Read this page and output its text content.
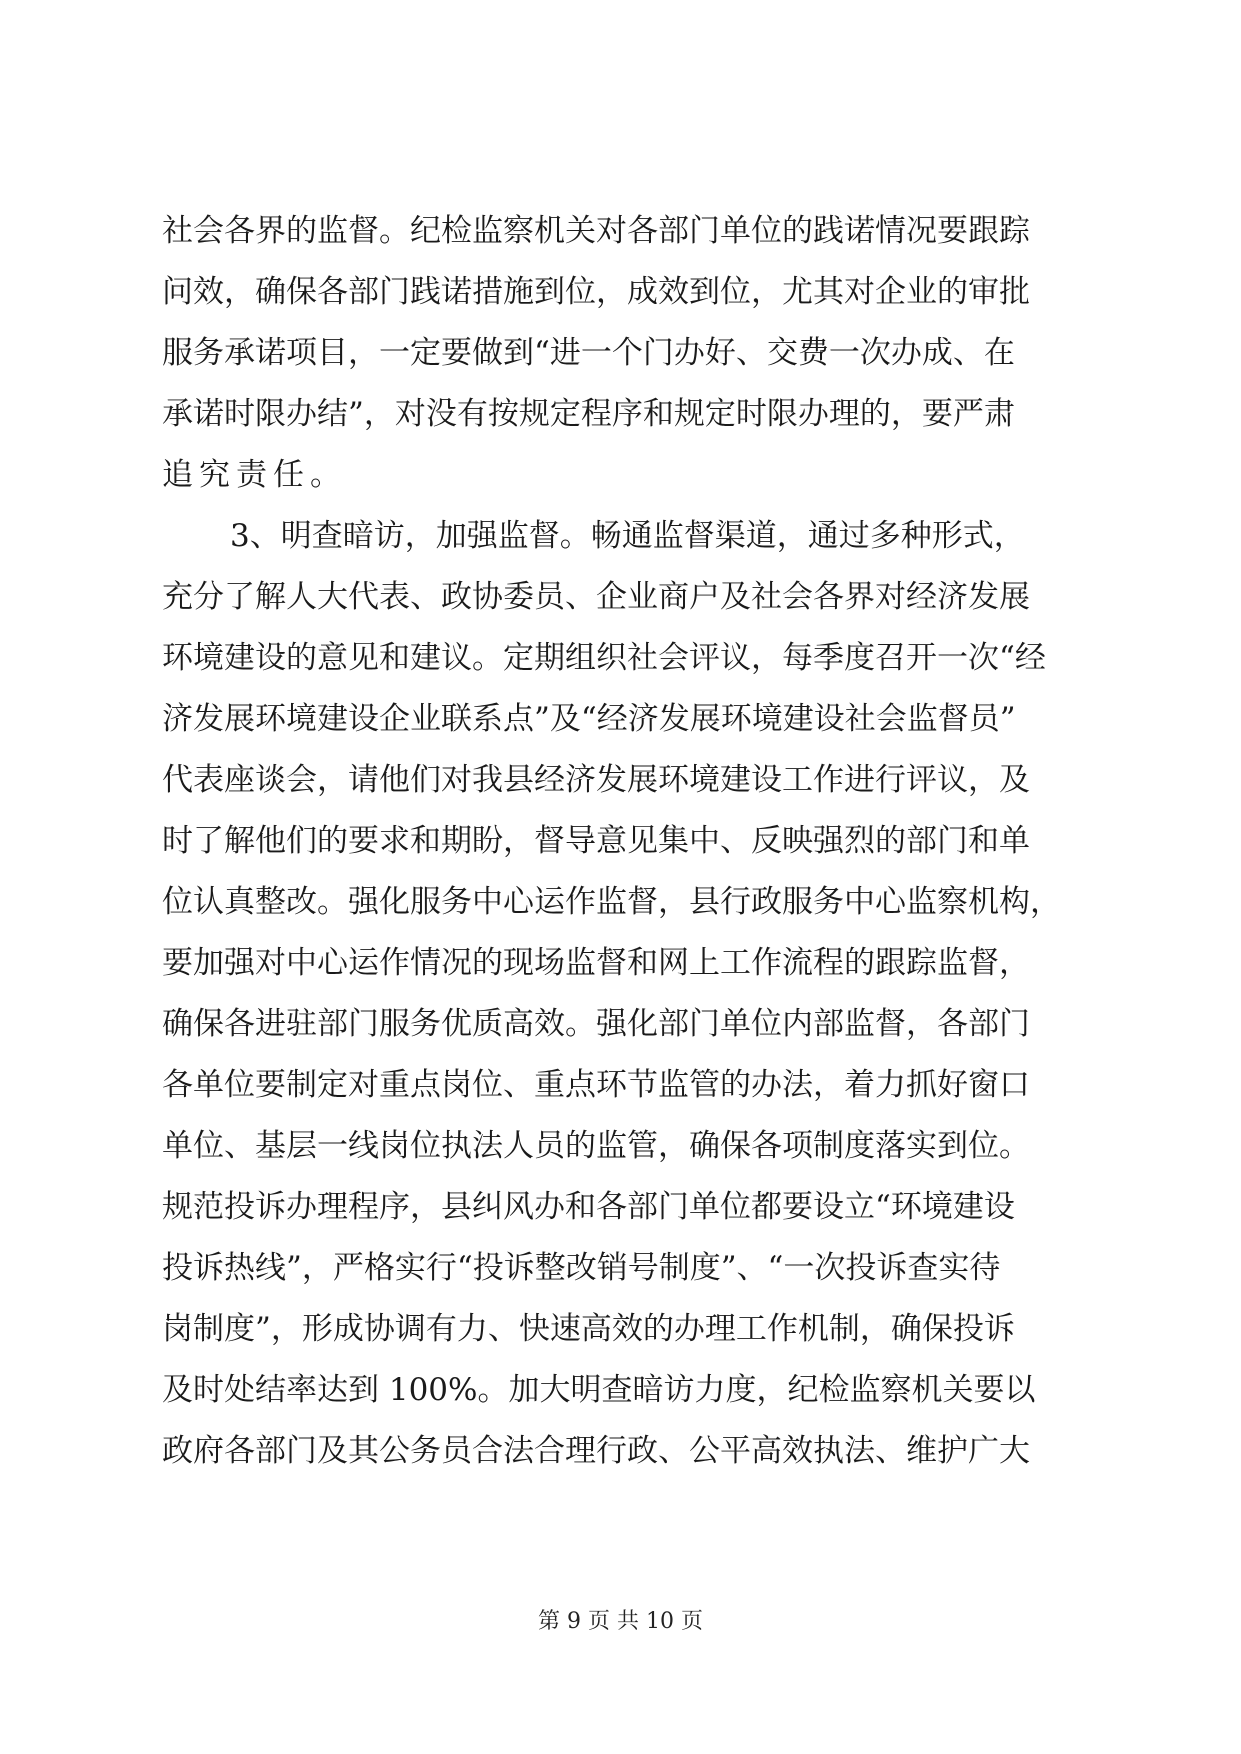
社会各界的监督。纪检监察机关对各部门单位的践诺情况要跟踪
问效，确保各部门践诺措施到位，成效到位，尤其对企业的审批
服务承诺项目，一定要做到“进一个门办好、交费一次办成、在
承诺时限办结”，对没有按规定程序和规定时限办理的，要严肃
追究责任。
3、明查暗访，加强监督。畅通监督渠道，通过多种形式，
充分了解人大代表、政协委员、企业商户及社会各界对经济发展
环境建设的意见和建议。定期组织社会评议，每季度召开一次“经
济发展环境建设企业联系点”及“经济发展环境建设社会监督员”
代表座谈会，请他们对我县经济发展环境建设工作进行评议，及
时了解他们的要求和期盼，督导意见集中、反映强烈的部门和单
位认真整改。强化服务中心运作监督，县行政服务中心监察机构，
要加强对中心运作情况的现场监督和网上工作流程的跟踪监督，
确保各进驻部门服务优质高效。强化部门单位内部监督，各部门
各单位要制定对重点岗位、重点环节监管的办法，着力抓好窗口
单位、基层一线岗位执法人员的监管，确保各项制度落实到位。
规范投诉办理程序，县纠风办和各部门单位都要设立“环境建设
投诉热线”，严格实行“投诉整改销号制度”、“一次投诉查实待
岗制度”，形成协调有力、快速高效的办理工作机制，确保投诉
及时处结率达到 100%。加大明查暗访力度，纪检监察机关要以
政府各部门及其公务员合法合理行政、公平高效执法、维护广大
第 9 页 共 10 页
